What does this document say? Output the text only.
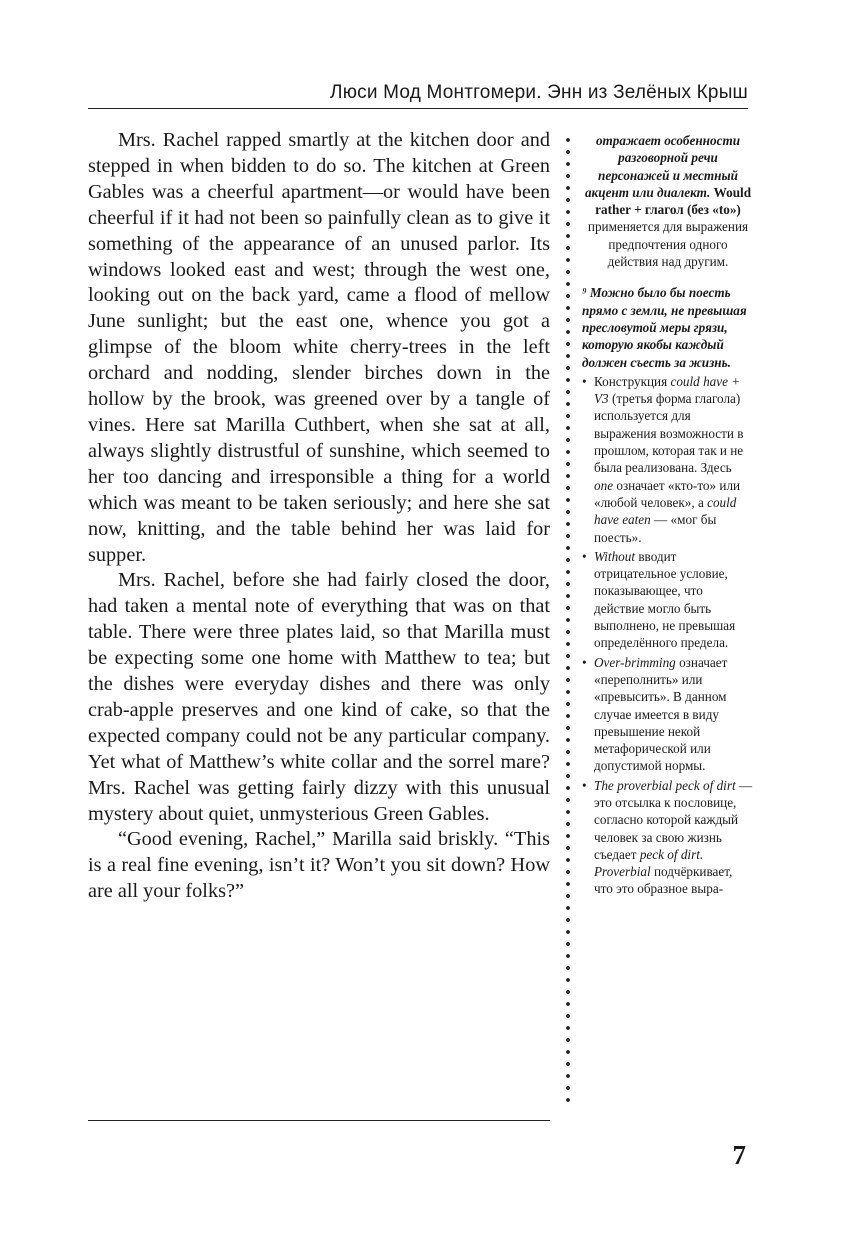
Люси Мод Монтгомери. Энн из Зелёных Крыш

Mrs. Rachel rapped smartly at the kitchen door and stepped in when bidden to do so. The kitchen at Green Gables was a cheerful apartment—or would have been cheerful if it had not been so painfully clean as to give it something of the appearance of an unused parlor. Its windows looked east and west; through the west one, looking out on the back yard, came a flood of mellow June sunlight; but the east one, whence you got a glimpse of the bloom white cherry-trees in the left orchard and nodding, slender birches down in the hollow by the brook, was greened over by a tangle of vines. Here sat Marilla Cuthbert, when she sat at all, always slightly distrustful of sunshine, which seemed to her too dancing and irresponsible a thing for a world which was meant to be taken seriously; and here she sat now, knitting, and the table behind her was laid for supper.

Mrs. Rachel, before she had fairly closed the door, had taken a mental note of everything that was on that table. There were three plates laid, so that Marilla must be expecting some one home with Matthew to tea; but the dishes were everyday dishes and there was only crab-apple preserves and one kind of cake, so that the expected company could not be any particular company. Yet what of Matthew’s white collar and the sorrel mare? Mrs. Rachel was getting fairly dizzy with this unusual mystery about quiet, unmysterious Green Gables.

“Good evening, Rachel,” Marilla said briskly. “This is a real fine evening, isn’t it? Won’t you sit down? How are all your folks?”

отражает особенности разговорной речи персонажей и местный акцент или диалект. Would rather + глагол (без «to») применяется для выражения предпочтения одного действия над другим.
⁹ Можно было бы поесть прямо с земли, не превышая пресловутой меры грязи, которую якобы каждый должен съесть за жизнь.
• Конструкция could have + V3 (третья форма глагола) используется для выражения возможности в прошлом, которая так и не была реализована. Здесь one означает «кто-то» или «любой человек», а could have eaten — «мог бы поесть».
• Without вводит отрицательное условие, показывающее, что действие могло быть выполнено, не превышая определённого предела.
• Over-brimming означает «переполнить» или «превысить». В данном случае имеется в виду превышение некой метафорической или допустимой нормы.
• The proverbial peck of dirt — это отсылка к пословице, согласно которой каждый человек за свою жизнь съедает peck of dirt. Proverbial подчёркивает, что это образное выра-
7
